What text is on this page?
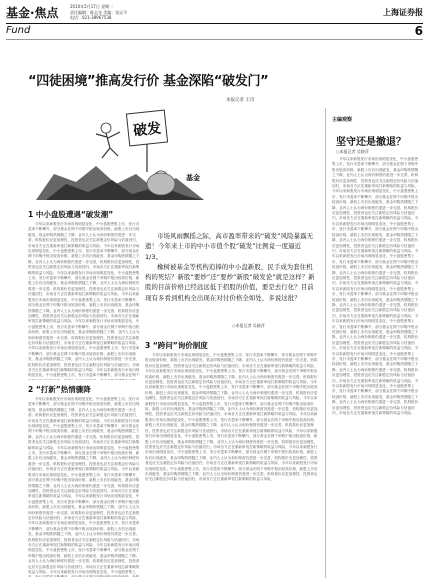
基金·焦点	2010年5月17日 星期一
责任编辑：陈志龙 美编：张运平
电话：021-38967538
上海证券报
Fund	6
“四徒困境”推高发行价 基金深陷“破发门”
本报记者 王诗
破发
基金
1 中小盘股遭遇“破发潮”

今年以来新股发行市场出现明显变化，中小盘股密集上市，发行市盈率不断攀升，部分基金在网下申购中报出较高价格，新股上市后出现破发，基金申购热情随之下降，业内人士认为询价制度仍需进一步完善，机构报价应更加理性，投资者也应关注新股定价风险与估值回归，市场各方正在重新审视打新策略的收益与风险，今年以来新股发行市场出现明显变化，中小盘股密集上市，发行市盈率不断攀升，部分基金在网下申购中报出较高价格，新股上市后出现破发，基金申购热情随之下降，业内人士认为询价制度仍需进一步完善，机构报价应更加理性，投资者也应关注新股定价风险与估值回归，市场各方正在重新审视打新策略的收益与风险，今年以来新股发行市场出现明显变化，中小盘股密集上市，发行市盈率不断攀升，部分基金在网下申购中报出较高价格，新股上市后出现破发，基金申购热情随之下降，业内人士认为询价制度仍需进一步完善，机构报价应更加理性，投资者也应关注新股定价风险与估值回归，市场各方正在重新审视打新策略的收益与风险，今年以来新股发行市场出现明显变化，中小盘股密集上市，发行市盈率不断攀升，部分基金在网下申购中报出较高价格，新股上市后出现破发，基金申购热情随之下降，业内人士认为询价制度仍需进一步完善，机构报价应更加理性，投资者也应关注新股定价风险与估值回归，市场各方正在重新审视打新策略的收益与风险，今年以来新股发行市场出现明显变化，中小盘股密集上市，发行市盈率不断攀升，部分基金在网下申购中报出较高价格，新股上市后出现破发，基金申购热情随之下降，业内人士认为询价制度仍需进一步完善，机构报价应更加理性，投资者也应关注新股定价风险与估值回归，市场各方正在重新审视打新策略的收益与风险，今年以来新股发行市场出现明显变化，中小盘股密集上市，发行市盈率不断攀升，部分基金在网下申购中报出较高价格，新股上市后出现破发，基金申购热情随之下降，业内人士认为询价制度仍需进一步完善，机构报价应更加理性，投资者也应关注新股定价风险与估值回归，市场各方正在重新审视打新策略的收益与风险，今年以来新股发行市场出现明显变化，中小盘股密集上市，发行市盈率不断攀升，部分基金在网下

市场风雨飘摇之际，高市盈率带来的“破发”风险暴露无遗！今年来上市的中小市值个股“破发”比例竟一度逼近1/3。

橡树被基金等机构追捧的中小盘新股，民手成为套住机构的死结？新股“要炒”还“要炒”新股“破发论”就是这样？新股的目前价格已经远远低于招股的价值，要是去行化？目前现有多看到机构全出现在对付价格全如处，多说这批？

○本报记者 吴晓萍
2 “打新”热情骤降

今年以来新股发行市场出现明显变化，中小盘股密集上市，发行市盈率不断攀升，部分基金在网下申购中报出较高价格，新股上市后出现破发，基金申购热情随之下降，业内人士认为询价制度仍需进一步完善，机构报价应更加理性，投资者也应关注新股定价风险与估值回归，市场各方正在重新审视打新策略的收益与风险，今年以来新股发行市场出现明显变化，中小盘股密集上市，发行市盈率不断攀升，部分基金在网下申购中报出较高价格，新股上市后出现破发，基金申购热情随之下降，业内人士认为询价制度仍需进一步完善，机构报价应更加理性，投资者也应关注新股定价风险与估值回归，市场各方正在重新审视打新策略的收益与风险，今年以来新股发行市场出现明显变化，中小盘股密集上市，发行市盈率不断攀升，部分基金在网下申购中报出较高价格，新股上市后出现破发，基金申购热情随之下降，业内人士认为询价制度仍需进一步完善，机构报价应更加理性，投资者也应关注新股定价风险与估值回归，市场各方正在重新审视打新策略的收益与风险，今年以来新股发行市场出现明显变化，中小盘股密集上市，发行市盈率不断攀升，部分基金在网下申购中报出较高价格，新股上市后出现破发，基金申购热情随之下降，业内人士认为询价制度仍需进一步完善，机构报价应更加理性，投资者也应关注新股定价风险与估值回归，市场各方正在重新审视打新策略的收益与风险，今年以来新股发行市场出现明显变化，中小盘股密集上市，发行市盈率不断攀升，部分基金在网下申购中报出较高价格，新股上市后出现破发，基金申购热情随之下降，业内人士认为询价制度仍需进一步完善，机构报价应更加理性，投资者也应关注新股定价风险与估值回归，市场各方正在重新审视打新策略的收益与风险，今年以来新股发行市场出现明显变化，中小盘股密集上市，发行市盈率不断攀升，部分基金在网下申购中报出较高价格，新股上市后出现破发，基金申购热情随之下降，业内人士认为询价制度仍需进一步完善，机构报价应更加理性，投资者也应关注新股定价风险与估值回归，市场各方正在重新审视打新策略的收益与风险，今年以来新股发行市场出现明显变化，中小盘股密集上市，发行市盈率不断攀升，部分基金在网下申购中报出较高价格，新股上市后出现破发，基金申购热情随之下降，业内人士认为询价制度仍需进一步完善，机构报价应更加理性，投资者也应关注新股定价风险与估值回归，市场各方正在重新审视打新策略的收益与风险，今年以来新股发行市场出现明显变化，中小盘股密集上

3 “跨问”询价制度

今年以来新股发行市场出现明显变化，中小盘股密集上市，发行市盈率不断攀升，部分基金在网下申购中报出较高价格，新股上市后出现破发，基金申购热情随之下降，业内人士认为询价制度仍需进一步完善，机构报价应更加理性，投资者也应关注新股定价风险与估值回归，市场各方正在重新审视打新策略的收益与风险，今年以来新股发行市场出现明显变化，中小盘股密集上市，发行市盈率不断攀升，部分基金在网下申购中报出较高价格，新股上市后出现破发，基金申购热情随之下降，业内人士认为询价制度仍需进一步完善，机构报价应更加理性，投资者也应关注新股定价风险与估值回归，市场各方正在重新审视打新策略的收益与风险，今年以来新股发行市场出现明显变化，中小盘股密集上市，发行市盈率不断攀升，部分基金在网下申购中报出较高价格，新股上市后出现破发，基金申购热情随之下降，业内人士认为询价制度仍需进一步完善，机构报价应更加理性，投资者也应关注新股定价风险与估值回归，市场各方正在重新审视打新策略的收益与风险，今年以来新股发行市场出现明显变化，中小盘股密集上市，发行市盈率不断攀升，部分基金在网下申购中报出较高价格，新股上市后出现破发，基金申购热情随之下降，业内人士认为询价制度仍需进一步完善，机构报价应更加理性，投资者也应关注新股定价风险与估值回归，市场各方正在重新审视打新策略的收益与风险，今年以来新股发行市场出现明显变化，中小盘股密集上市，发行市盈率不断攀升，部分基金在网下申购中报出较高价格，新股上市后出现破发，基金申购热情随之下降，业内人士认为询价制度仍需进一步完善，机构报价应更加理性，投资者也应关注新股定价风险与估值回归，市场各方正在重新审视打新策略的收益与风险，今年以来新股发行市场出现明显变化，中小盘股密集上市，发行市盈率不断攀升，部分基金在网下申购中报出较高价格，新股上市后出现破发，基金申购热情随之下降，业内人士认为询价制度仍需进一步完善，机构报价应更加理性，投资者也应关注新股定价风险与估值回归，市场各方正在重新审视打新策略的收益与风险，今年以来新股发行市场出现明显变化，中小盘股密集上市，发行市盈率不断攀升，部分基金在网下申购中报出较高价格，新股上市后出现破发，基金申购热情随之下降，业内人士认为询价制度仍需进一步完善，机构报价应更加理性，投资者也应关注新股定价风险与估值回归，市场各方正在重新审视打新策略的收益与风险，今年以来新股发行市场出现明显变化，中小盘股密集上市，发行市盈率不断攀升，部分基金在网下申购中报出较高价格，新股上市后出现破发，基金申购热情随之下降，业内人士认为询价制度仍需进一步完善，机构报价应更加理性，投资者也应关注新股定价风险与估值回归，市场各方正在重新审视打新策略的收益与风险，

主编观察
坚守还是撤退？
○本报记者 吴晓萍

今年以来新股发行市场出现明显变化，中小盘股密集上市，发行市盈率不断攀升，部分基金在网下申购中报出较高价格，新股上市后出现破发，基金申购热情随之下降，业内人士认为询价制度仍需进一步完善，机构报价应更加理性，投资者也应关注新股定价风险与估值回归，市场各方正在重新审视打新策略的收益与风险，今年以来新股发行市场出现明显变化，中小盘股密集上市，发行市盈率不断攀升，部分基金在网下申购中报出较高价格，新股上市后出现破发，基金申购热情随之下降，业内人士认为询价制度仍需进一步完善，机构报价应更加理性，投资者也应关注新股定价风险与估值回归，市场各方正在重新审视打新策略的收益与风险，今年以来新股发行市场出现明显变化，中小盘股密集上市，发行市盈率不断攀升，部分基金在网下申购中报出较高价格，新股上市后出现破发，基金申购热情随之下降，业内人士认为询价制度仍需进一步完善，机构报价应更加理性，投资者也应关注新股定价风险与估值回归，市场各方正在重新审视打新策略的收益与风险，今年以来新股发行市场出现明显变化，中小盘股密集上市，发行市盈率不断攀升，部分基金在网下申购中报出较高价格，新股上市后出现破发，基金申购热情随之下降，业内人士认为询价制度仍需进一步完善，机构报价应更加理性，投资者也应关注新股定价风险与估值回归，市场各方正在重新审视打新策略的收益与风险，今年以来新股发行市场出现明显变化，中小盘股密集上市，发行市盈率不断攀升，部分基金在网下申购中报出较高价格，新股上市后出现破发，基金申购热情随之下降，业内人士认为询价制度仍需进一步完善，机构报价应更加理性，投资者也应关注新股定价风险与估值回归，市场各方正在重新审视打新策略的收益与风险，今年以来新股发行市场出现明显变化，中小盘股密集上市，发行市盈率不断攀升，部分基金在网下申购中报出较高价格，新股上市后出现破发，基金申购热情随之下降，业内人士认为询价制度仍需进一步完善，机构报价应更加理性，投资者也应关注新股定价风险与估值回归，市场各方正在重新审视打新策略的收益与风险，今年以来新股发行市场出现明显变化，中小盘股密集上市，发行市盈率不断攀升，部分基金在网下申购中报出较高价格，新股上市后出现破发，基金申购热情随之下降，业内人士认为询价制度仍需进一步完善，机构报价应更加理性，投资者也应关注新股定价风险与估值回归，市场各方正在重新审视打新策略的收益与风险，今年以来新股发行市场出现明显变化，中小盘股密集上市，发行市盈率不断攀升，部分基金在网下申购中报出较高价格，新股上市后出现破发，基金申购热情随之下降，业内人士认为询价制度仍需进一步完善，机构报价应更加理性，投资者也应关注新股定价风险与估值回归，市场各方正在重新审视打新策略的收益与风险，
